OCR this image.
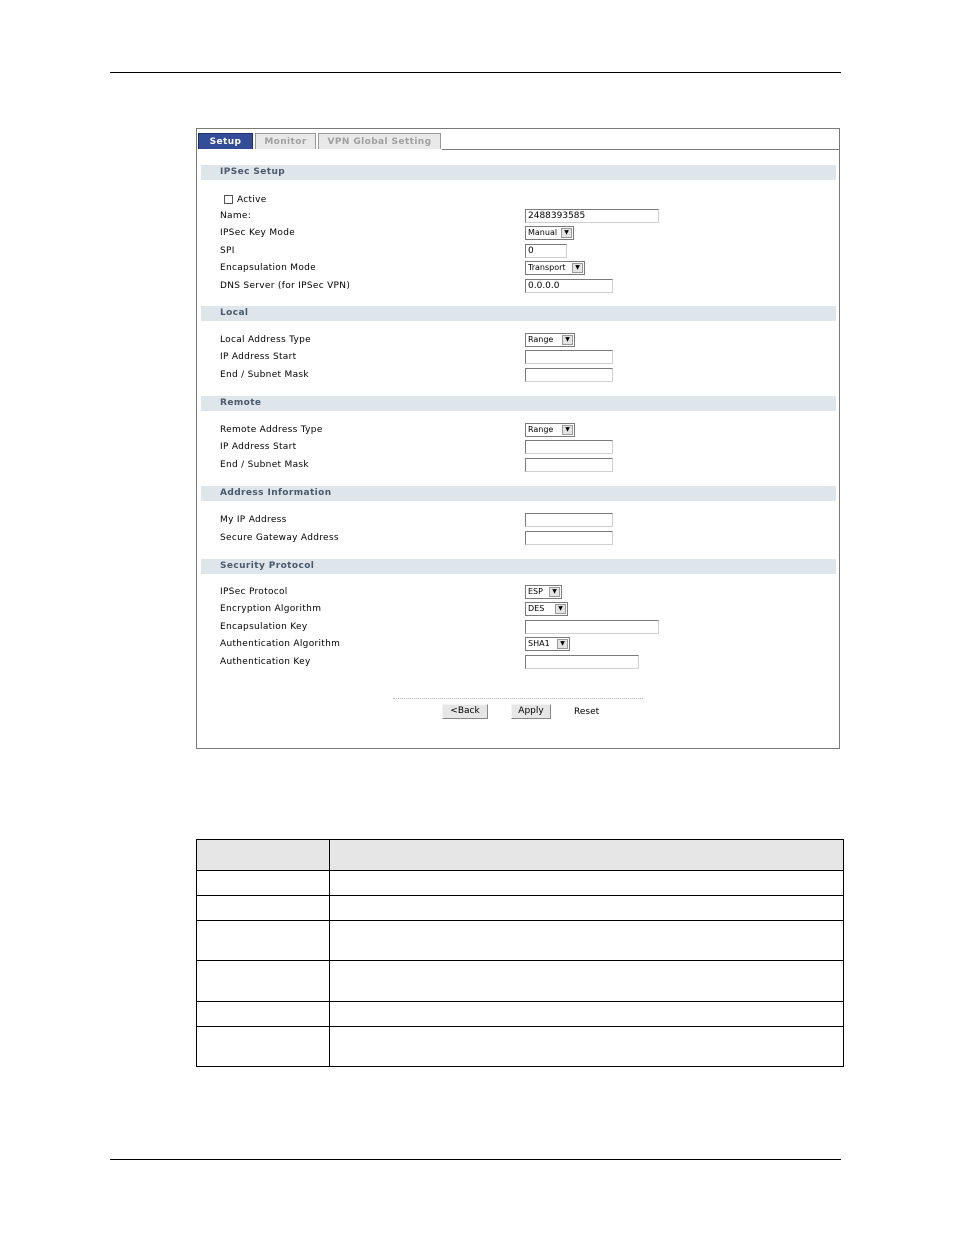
Setup	Monitor	VPN Global Setting
IPSec Setup
Active
Name:	2488393585
IPSec Key Mode	Manual	▼
SPI	0
Encapsulation Mode	Transport	▼
DNS Server (for IPSec VPN)	0.0.0.0
Local
Local Address Type	Range	▼
IP Address Start
End / Subnet Mask
Remote
Remote Address Type	Range	▼
IP Address Start
End / Subnet Mask
Address Information
My IP Address
Secure Gateway Address
Security Protocol
IPSec Protocol	ESP	▼
Encryption Algorithm	DES	▼
Encapsulation Key
Authentication Algorithm	SHA1	▼
Authentication Key
<Back	Apply	Reset
